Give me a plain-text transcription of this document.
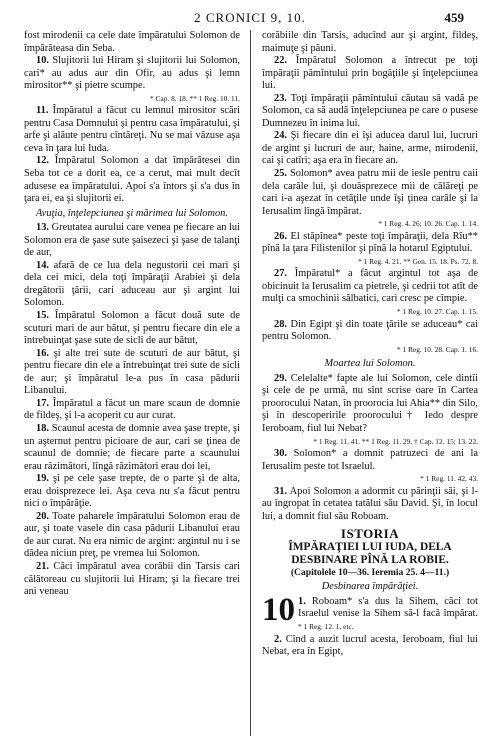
2 CRONICI 9, 10.	459

fost mirodenii ca cele date împăratului Solomon de împărăteasa din Seba.

10. Slujitorii lui Hiram şi slujitorii lui Solomon, cari* au adus aur din Ofir, au adus şi lemn mirositor** şi pietre scumpe.

* Cap. 8. 18. ** 1 Reg. 10. 11.

11. Împăratul a făcut cu lemnul mirositor scări pentru Casa Domnului şi pentru casa împăratului, şi arfe şi alăute pentru cîntăreţi. Nu se mai văzuse aşa ceva în ţara lui Iuda.

12. Împăratul Solomon a dat împărătesei din Seba tot ce a dorit ea, ce a cerut, mai mult decît adusese ea împăratului. Apoi s'a întors şi s'a dus în ţara ei, ea şi slujitorii ei.

Avuţia, înţelepciunea şi mărimea lui Solomon.

13. Greutatea aurului care venea pe fiecare an lui Solomon era de şase sute şaisezeci şi şase de talanţi de aur,

14. afară de ce lua dela negustorii cei mari şi dela cei mici, dela toţi împăraţii Arabiei şi dela dregătorii ţării, cari aduceau aur şi argint lui Solomon.

15. Împăratul Solomon a făcut două sute de scuturi mari de aur bătut, şi pentru fiecare din ele a întrebuinţat şase sute de sicli de aur bătut,

16. şi alte trei sute de scuturi de aur bătut, şi pentru fiecare din ele a întrebuinţat trei sute de sicli de aur; şi împăratul le-a pus în casa pădurii Libanului.

17. Împăratul a făcut un mare scaun de domnie de fildeş, şi l-a acoperit cu aur curat.

18. Scaunul acesta de domnie avea şase trepte, şi un aşternut pentru picioare de aur, cari se ţinea de scaunul de domnie; de fiecare parte a scaunului erau răzimători, lîngă răzimători erau doi lei,

19. şi pe cele şase trepte, de o parte şi de alta, erau doisprezece lei. Aşa ceva nu s'a făcut pentru nici o împărăţie.

20. Toate paharele împăratului Solomon erau de aur, şi toate vasele din casa pădurii Libanului erau de aur curat. Nu era nimic de argint: argintul nu i se dădea niciun preţ, pe vremea lui Solomon.

21. Căci împăratul avea corăbii din Tarsis cari călătoreau cu slujitorii lui Hiram; şi la fiecare trei ani veneau

corăbiile din Tarsis, aducînd aur şi argint, fildeş, maimuţe şi păuni.

22. Împăratul Solomon a întrecut pe toţi împăraţii pămîntului prin bogăţiile şi înţelepciunea lui.

23. Toţi împăraţii pămîntului căutau să vadă pe Solomon, ca să audă înţelepciunea pe care o pusese Dumnezeu în inima lui.

24. Şi fiecare din ei îşi aducea darul lui, lucruri de argint şi lucruri de aur, haine, arme, mirodenii, cai şi catîri; aşa era în fiecare an.

25. Solomon* avea patru mii de iesle pentru caii dela carăle lui, şi douăsprezece mii de călăreţi pe cari i-a aşezat în cetăţile unde îşi ţinea carăle şi la Ierusalim lîngă împărat.

* 1 Reg. 4. 26; 10. 26. Cap. 1. 14.

26. El stăpînea* peste toţi împăraţii, dela Rîu** pînă la ţara Filistenilor şi pînă la hotarul Egiptului.

* 1 Reg. 4. 21. ** Gen. 15. 18. Ps. 72. 8.

27. Împăratul* a făcut argintul tot aşa de obicinuit la Ierusalim ca pietrele, şi cedrii tot atît de mulţi ca smochinii sălbatici, cari cresc pe cîmpie.

* 1 Reg. 10. 27. Cap. 1. 15.

28. Din Egipt şi din toate ţările se aduceau* cai pentru Solomon.

* 1 Reg. 10. 28. Cap. 1. 16.
Moartea lui Solomon.

29. Celelalte* fapte ale lui Solomon, cele dintîi şi cele de pe urmă, nu sînt scrise oare în Cartea proorocului Natan, în proorocia lui Ahia** din Silo, şi în descoperirile proorocului† Iedo despre Ieroboam, fiul lui Nebat?

* 1 Reg. 11. 41. ** 1 Reg. 11. 29. † Cap. 12. 15; 13. 22.

30. Solomon* a domnit patruzeci de ani la Ierusalim peste tot Israelul.

* 1 Reg. 11. 42, 43.

31. Apoi Solomon a adormit cu părinţii săi, şi l-au îngropat în cetatea tatălui său David. Şi, în locul lui, a domnit fiul său Roboam.

ISTORIA
ÎMPĂRAŢIEI LUI IUDA, DELA DESBINARE PÎNĂ LA ROBIE.
(Capitolele 10—36. Ieremia 25. 4—11.)
Desbinarea împărăţiei.

10 1. Roboam* s'a dus la Sihem, căci tot Israelul venise la Sihem să-l facă împărat. * 1 Reg. 12. 1, etc.

2. Cînd a auzit lucrul acesta, Ieroboam, fiul lui Nebat, era în Egipt,
